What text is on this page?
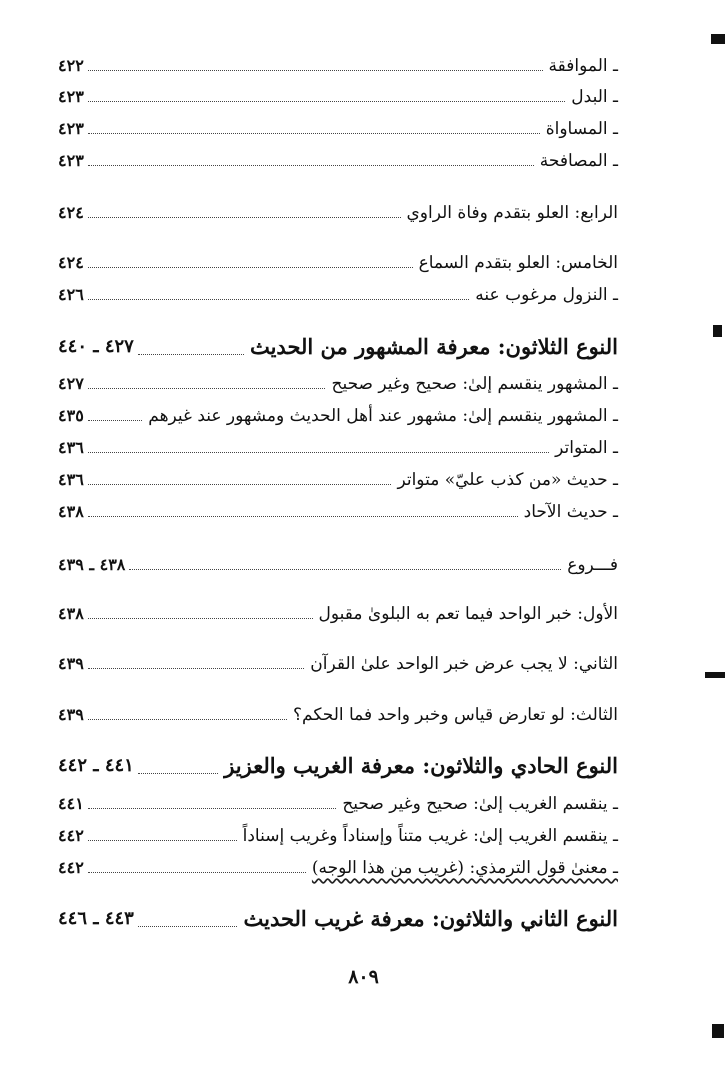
ـ الموافقة
٤٢٢
ـ البدل
٤٢٣
ـ المساواة
٤٢٣
ـ المصافحة
٤٢٣
الرابع: العلو بتقدم وفاة الراوي
٤٢٤
الخامس: العلو بتقدم السماع
٤٢٤
ـ النزول مرغوب عنه
٤٢٦
النوع الثلاثون: معرفة المشهور من الحديث
٤٢٧ ـ ٤٤٠
ـ المشهور ينقسم إلىٰ: صحيح وغير صحيح
٤٢٧
ـ المشهور ينقسم إلىٰ: مشهور عند أهل الحديث ومشهور عند غيرهم
٤٣٥
ـ المتواتر
٤٣٦
ـ حديث «من كذب عليّ» متواتر
٤٣٦
ـ حديث الآحاد
٤٣٨
فـــروع
٤٣٨ ـ ٤٣٩
الأول: خبر الواحد فيما تعم به البلوىٰ مقبول
٤٣٨
الثاني: لا يجب عرض خبر الواحد علىٰ القرآن
٤٣٩
الثالث: لو تعارض قياس وخبر واحد فما الحكم؟
٤٣٩
النوع الحادي والثلاثون: معرفة الغريب والعزيز
٤٤١ ـ ٤٤٢
ـ ينقسم الغريب إلىٰ: صحيح وغير صحيح
٤٤١
ـ ينقسم الغريب إلىٰ: غريب متناً وإسناداً وغريب إسناداً
٤٤٢
ـ معنىٰ قول الترمذي: (غريب من هذا الوجه)
٤٤٢
النوع الثاني والثلاثون: معرفة غريب الحديث
٤٤٣ ـ ٤٤٦
٨٠٩
